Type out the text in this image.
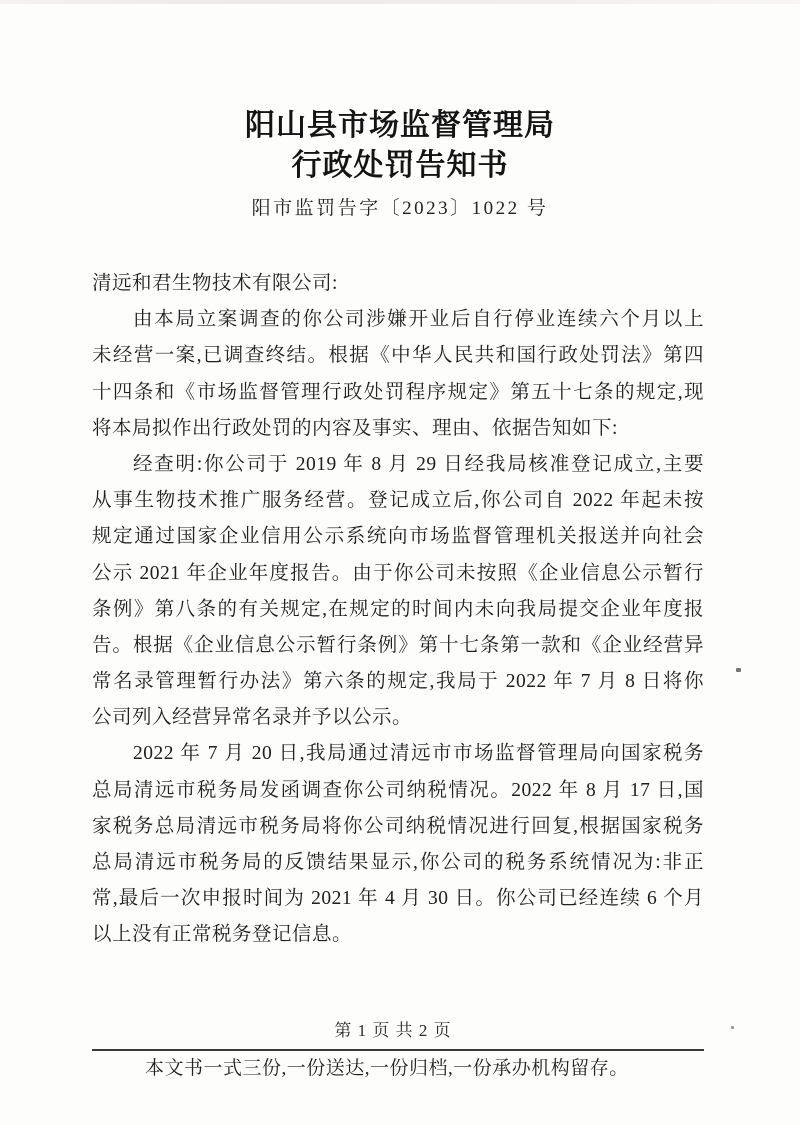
阳山县市场监督管理局
行政处罚告知书
阳市监罚告字〔2023〕1022 号

清远和君生物技术有限公司:

由本局立案调查的你公司涉嫌开业后自行停业连续六个月以上

未经营一案,已调查终结。根据《中华人民共和国行政处罚法》第四

十四条和《市场监督管理行政处罚程序规定》第五十七条的规定,现

将本局拟作出行政处罚的内容及事实、理由、依据告知如下:

经查明:你公司于 2019 年 8 月 29 日经我局核准登记成立,主要

从事生物技术推广服务经营。登记成立后,你公司自 2022 年起未按

规定通过国家企业信用公示系统向市场监督管理机关报送并向社会

公示 2021 年企业年度报告。由于你公司未按照《企业信息公示暂行

条例》第八条的有关规定,在规定的时间内未向我局提交企业年度报

告。根据《企业信息公示暂行条例》第十七条第一款和《企业经营异

常名录管理暂行办法》第六条的规定,我局于 2022 年 7 月 8 日将你

公司列入经营异常名录并予以公示。

2022 年 7 月 20 日,我局通过清远市市场监督管理局向国家税务

总局清远市税务局发函调查你公司纳税情况。2022 年 8 月 17 日,国

家税务总局清远市税务局将你公司纳税情况进行回复,根据国家税务

总局清远市税务局的反馈结果显示,你公司的税务系统情况为:非正

常,最后一次申报时间为 2021 年 4 月 30 日。你公司已经连续 6 个月

以上没有正常税务登记信息。

第 1 页 共 2 页
本文书一式三份,一份送达,一份归档,一份承办机构留存。
